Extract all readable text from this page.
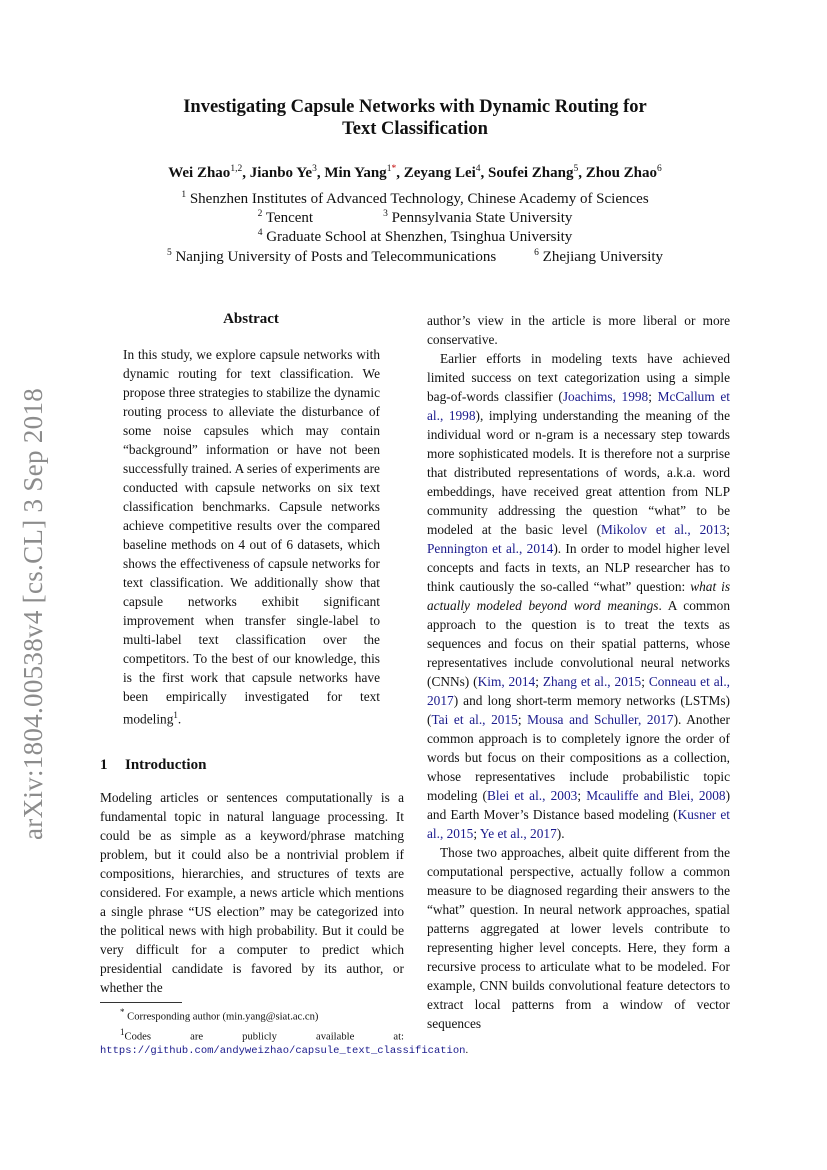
Investigating Capsule Networks with Dynamic Routing for
Text Classification
Wei Zhao$^{1,2}$, Jianbo Ye$^3$, Min Yang$^{1*}$, Zeyang Lei$^4$, Soufei Zhang$^5$, Zhou Zhao$^6$
$^1$ Shenzhen Institutes of Advanced Technology, Chinese Academy of Sciences
$^2$ Tencent	$^3$ Pennsylvania State University
$^4$ Graduate School at Shenzhen, Tsinghua University
$^5$ Nanjing University of Posts and Telecommunications	$^6$ Zhejiang University
arXiv:1804.00538v4 [cs.CL] 3 Sep 2018
Abstract

In this study, we explore capsule networks with dynamic routing for text classification. We propose three strategies to stabilize the dynamic routing process to alleviate the disturbance of some noise capsules which may contain “background” information or have not been successfully trained. A series of experiments are conducted with capsule networks on six text classification benchmarks. Capsule networks achieve competitive results over the compared baseline methods on 4 out of 6 datasets, which shows the effectiveness of capsule networks for text classification. We additionally show that capsule networks exhibit significant improvement when transfer single-label to multi-label text classification over the competitors. To the best of our knowledge, this is the first work that capsule networks have been empirically investigated for text modeling$^1$.

1 Introduction

Modeling articles or sentences computationally is a fundamental topic in natural language processing. It could be as simple as a keyword/phrase matching problem, but it could also be a nontrivial problem if compositions, hierarchies, and structures of texts are considered. For example, a news article which mentions a single phrase “US election” may be categorized into the political news with high probability. But it could be very difficult for a computer to predict which presidential candidate is favored by its author, or whether the

* Corresponding author (min.yang@siat.ac.cn)

$^1$Codes are publicly available at: https://github.com/andyweizhao/capsule_text_classification.

author’s view in the article is more liberal or more conservative.

Earlier efforts in modeling texts have achieved limited success on text categorization using a simple bag-of-words classifier (Joachims, 1998; McCallum et al., 1998), implying understanding the meaning of the individual word or n-gram is a necessary step towards more sophisticated models. It is therefore not a surprise that distributed representations of words, a.k.a. word embeddings, have received great attention from NLP community addressing the question “what” to be modeled at the basic level (Mikolov et al., 2013; Pennington et al., 2014). In order to model higher level concepts and facts in texts, an NLP researcher has to think cautiously the so-called “what” question: what is actually modeled beyond word meanings. A common approach to the question is to treat the texts as sequences and focus on their spatial patterns, whose representatives include convolutional neural networks (CNNs) (Kim, 2014; Zhang et al., 2015; Conneau et al., 2017) and long short-term memory networks (LSTMs) (Tai et al., 2015; Mousa and Schuller, 2017). Another common approach is to completely ignore the order of words but focus on their compositions as a collection, whose representatives include probabilistic topic modeling (Blei et al., 2003; Mcauliffe and Blei, 2008) and Earth Mover’s Distance based modeling (Kusner et al., 2015; Ye et al., 2017).

Those two approaches, albeit quite different from the computational perspective, actually follow a common measure to be diagnosed regarding their answers to the “what” question. In neural network approaches, spatial patterns aggregated at lower levels contribute to representing higher level concepts. Here, they form a recursive process to articulate what to be modeled. For example, CNN builds convolutional feature detectors to extract local patterns from a window of vector sequences
